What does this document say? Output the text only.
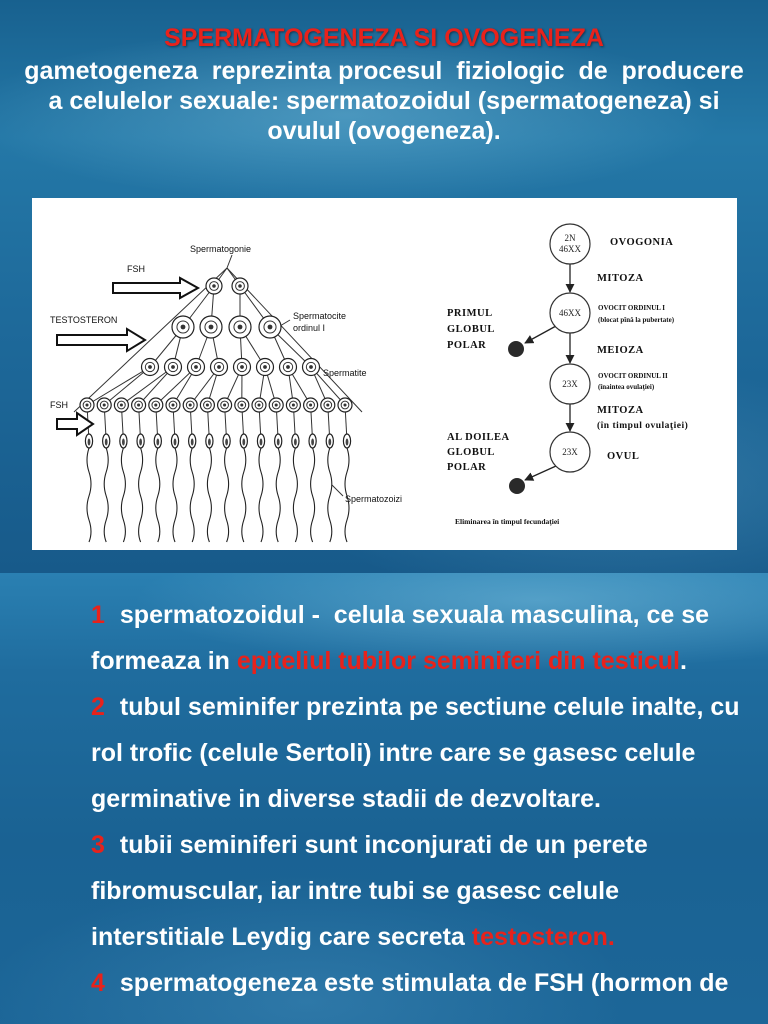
SPERMATOGENEZA SI OVOGENEZA
gametogeneza  reprezinta procesul  fiziologic  de  producere
a celulelor sexuale: spermatozoidul (spermatogeneza) si
ovulul (ovogeneza).
Spermatogonie
FSH
TESTOSTERON	Spermatocite
ordinul I
Spermatite
FSH
Spermatozoizi
2N
46XX
46XX
23X
23X
OVOGONIA
MITOZA
OVOCIT ORDINUL I
(blocat pînă la pubertate)
PRIMUL
GLOBUL
POLAR	MEIOZA
OVOCIT ORDINUL II
(înaintea ovulaţiei)
MITOZA
(în timpul ovulaţiei)
OVUL
AL DOILEA
GLOBUL
POLAR
Eliminarea în timpul fecundaţiei
1 spermatozoidul -  celula sexuala masculina, ce se
formeaza in epiteliul tubilor seminiferi din testicul.
2 tubul seminifer prezinta pe sectiune celule inalte, cu
rol trofic (celule Sertoli) intre care se gasesc celule
germinative in diverse stadii de dezvoltare.
3 tubii seminiferi sunt inconjurati de un perete
fibromuscular, iar intre tubi se gasesc celule
interstitiale Leydig care secreta testosteron.
4 spermatogeneza este stimulata de FSH (hormon de
